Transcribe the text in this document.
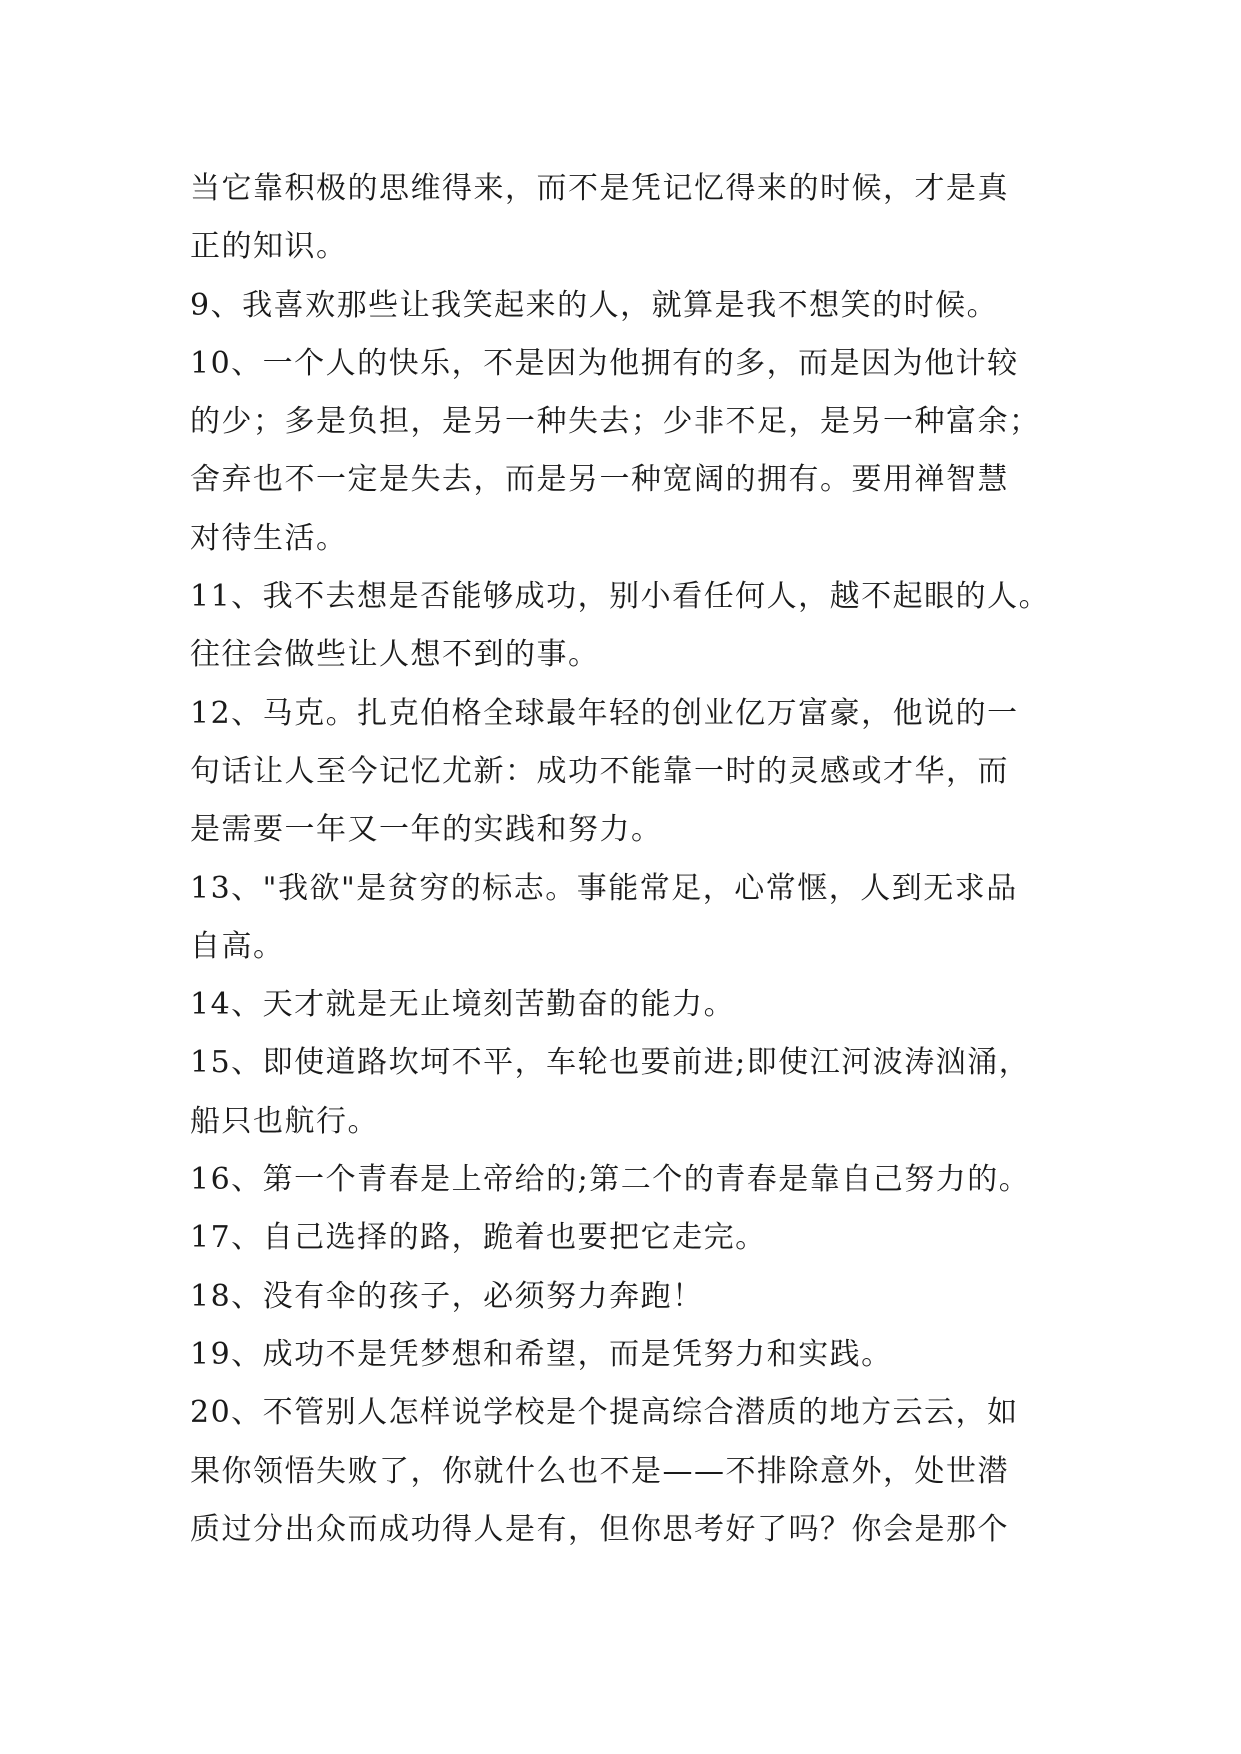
当它靠积极的思维得来，而不是凭记忆得来的时候，才是真
正的知识。
9、我喜欢那些让我笑起来的人，就算是我不想笑的时候。
10、一个人的快乐，不是因为他拥有的多，而是因为他计较
的少；多是负担，是另一种失去；少非不足，是另一种富余；
舍弃也不一定是失去，而是另一种宽阔的拥有。要用禅智慧
对待生活。
11、我不去想是否能够成功，别小看任何人，越不起眼的人。
往往会做些让人想不到的事。
12、马克。扎克伯格全球最年轻的创业亿万富豪，他说的一
句话让人至今记忆尤新：成功不能靠一时的灵感或才华，而
是需要一年又一年的实践和努力。
13、"我欲"是贫穷的标志。事能常足，心常惬，人到无求品
自高。
14、天才就是无止境刻苦勤奋的能力。
15、即使道路坎坷不平，车轮也要前进;即使江河波涛汹涌，
船只也航行。
16、第一个青春是上帝给的;第二个的青春是靠自己努力的。
17、自己选择的路，跪着也要把它走完。
18、没有伞的孩子，必须努力奔跑！
19、成功不是凭梦想和希望，而是凭努力和实践。
20、不管别人怎样说学校是个提高综合潜质的地方云云，如
果你领悟失败了，你就什么也不是——不排除意外，处世潜
质过分出众而成功得人是有，但你思考好了吗？你会是那个
